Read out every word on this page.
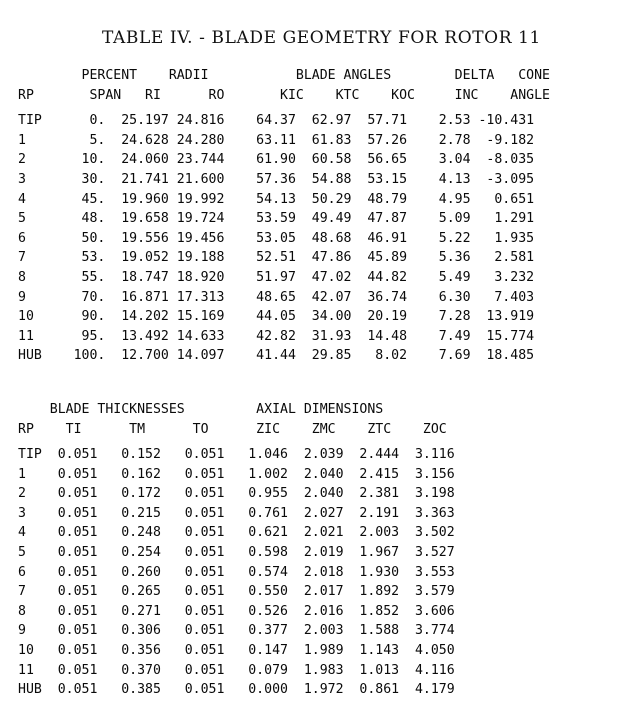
TABLE IV. - BLADE GEOMETRY FOR ROTOR 11
PERCENT    RADII           BLADE ANGLES        DELTA   CONE
RP       SPAN   RI      RO       KIC    KTC    KOC     INC    ANGLE
TIP      0.  25.197 24.816    64.37  62.97  57.71    2.53 -10.431
1        5.  24.628 24.280    63.11  61.83  57.26    2.78  -9.182
2       10.  24.060 23.744    61.90  60.58  56.65    3.04  -8.035
3       30.  21.741 21.600    57.36  54.88  53.15    4.13  -3.095
4       45.  19.960 19.992    54.13  50.29  48.79    4.95   0.651
5       48.  19.658 19.724    53.59  49.49  47.87    5.09   1.291
6       50.  19.556 19.456    53.05  48.68  46.91    5.22   1.935
7       53.  19.052 19.188    52.51  47.86  45.89    5.36   2.581
8       55.  18.747 18.920    51.97  47.02  44.82    5.49   3.232
9       70.  16.871 17.313    48.65  42.07  36.74    6.30   7.403
10      90.  14.202 15.169    44.05  34.00  20.19    7.28  13.919
11      95.  13.492 14.633    42.82  31.93  14.48    7.49  15.774
HUB    100.  12.700 14.097    41.44  29.85   8.02    7.69  18.485
BLADE THICKNESSES         AXIAL DIMENSIONS
RP    TI      TM      TO      ZIC    ZMC    ZTC    ZOC
TIP  0.051   0.152   0.051   1.046  2.039  2.444  3.116
1    0.051   0.162   0.051   1.002  2.040  2.415  3.156
2    0.051   0.172   0.051   0.955  2.040  2.381  3.198
3    0.051   0.215   0.051   0.761  2.027  2.191  3.363
4    0.051   0.248   0.051   0.621  2.021  2.003  3.502
5    0.051   0.254   0.051   0.598  2.019  1.967  3.527
6    0.051   0.260   0.051   0.574  2.018  1.930  3.553
7    0.051   0.265   0.051   0.550  2.017  1.892  3.579
8    0.051   0.271   0.051   0.526  2.016  1.852  3.606
9    0.051   0.306   0.051   0.377  2.003  1.588  3.774
10   0.051   0.356   0.051   0.147  1.989  1.143  4.050
11   0.051   0.370   0.051   0.079  1.983  1.013  4.116
HUB  0.051   0.385   0.051   0.000  1.972  0.861  4.179
